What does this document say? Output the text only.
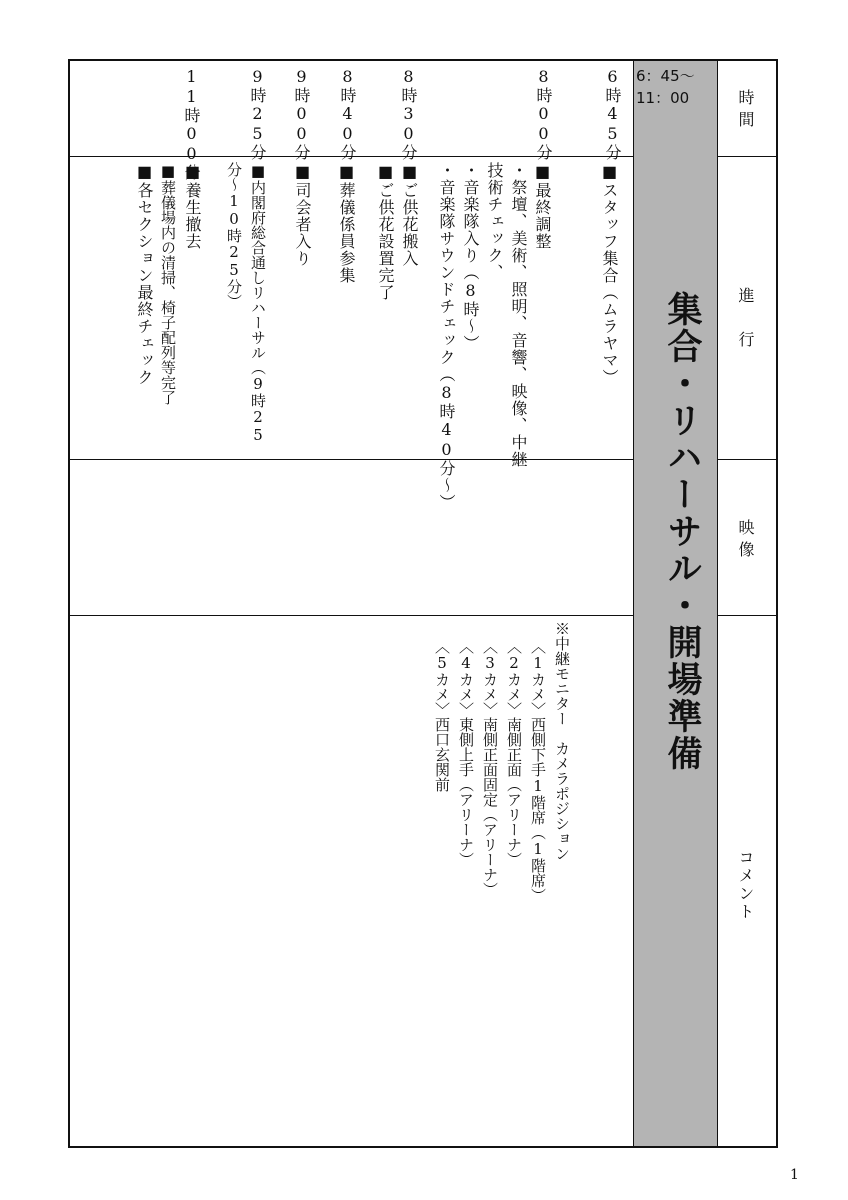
時間
進　行
映像
コメント
6：45〜
11：00
集合・リハーサル・開場準備
6時45分
8時00分
8時30分
8時40分
9時00分
9時25分
11時00分
■スタッフ集合（ムラヤマ）
■最終調整
・祭壇、美術、照明、音響、映像、中継
技術チェック、
・音楽隊入り（8時〜）
・音楽隊サウンドチェック（8時40分〜）
■ご供花搬入
■ご供花設置完了
■葬儀係員参集
■司会者入り
■内閣府総合通しリハーサル（9時25
分〜10時25分）
■養生撤去
■葬儀場内の清掃、椅子配列等完了
■各セクション最終チェック
※中継モニター　カメラポジション
〈1カメ〉西側下手1階席（1階席）
〈2カメ〉南側正面（アリーナ）
〈3カメ〉南側正面固定（アリーナ）
〈4カメ〉東側上手（アリーナ）
〈5カメ〉西口玄関前
1
